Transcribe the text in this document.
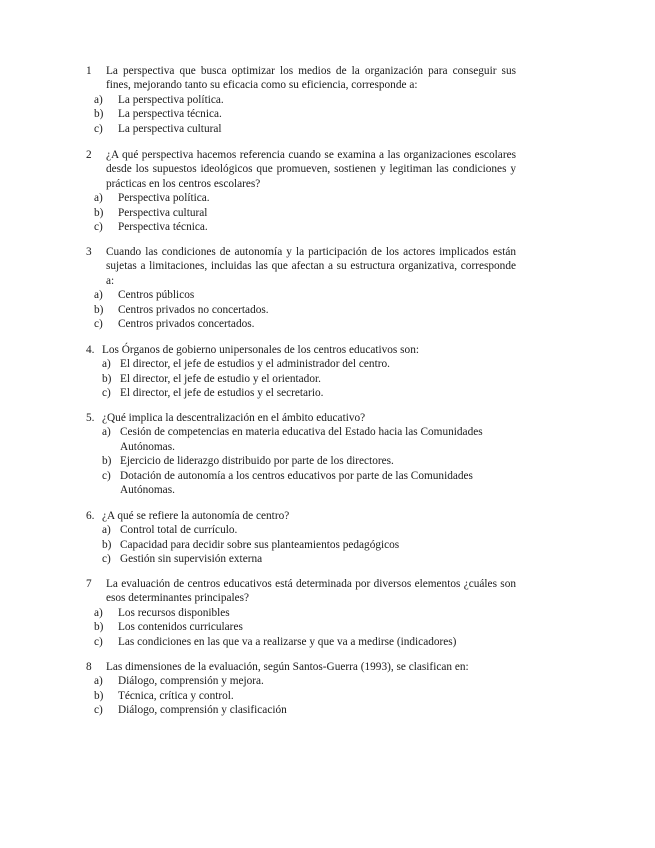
1	La perspectiva que busca optimizar los medios de la organización para conseguir sus fines, mejorando tanto su eficacia como su eficiencia, corresponde a:
a)	La perspectiva política.
b)	La perspectiva técnica.
c)	La perspectiva cultural
2	¿A qué perspectiva hacemos referencia cuando se examina a las organizaciones escolares desde los supuestos ideológicos que promueven, sostienen y legitiman las condiciones y prácticas en los centros escolares?
a)	Perspectiva política.
b)	Perspectiva cultural
c)	Perspectiva técnica.
3	Cuando las condiciones de autonomía y la participación de los actores implicados están sujetas a limitaciones, incluidas las que afectan a su estructura organizativa, corresponde a:
a)	Centros públicos
b)	Centros privados no concertados.
c)	Centros privados concertados.
4. Los Órganos de gobierno unipersonales de los centros educativos son:
a) El director, el jefe de estudios y el administrador del centro.
b) El director, el jefe de estudio y el orientador.
c) El director, el jefe de estudios y el secretario.
5. ¿Qué implica la descentralización en el ámbito educativo?
a) Cesión de competencias en materia educativa del Estado hacia las Comunidades Autónomas.
b) Ejercicio de liderazgo distribuido por parte de los directores.
c) Dotación de autonomía a los centros educativos por parte de las Comunidades Autónomas.
6. ¿A qué se refiere la autonomía de centro?
a) Control total de currículo.
b) Capacidad para decidir sobre sus planteamientos pedagógicos
c) Gestión sin supervisión externa
7	La evaluación de centros educativos está determinada por diversos elementos ¿cuáles son esos determinantes principales?
a)	Los recursos disponibles
b)	Los contenidos curriculares
c)	Las condiciones en las que va a realizarse y que va a medirse (indicadores)
8	Las dimensiones de la evaluación, según Santos-Guerra (1993), se clasifican en:
a)	Diálogo, comprensión y mejora.
b)	Técnica, crítica y control.
c)	Diálogo, comprensión y clasificación
